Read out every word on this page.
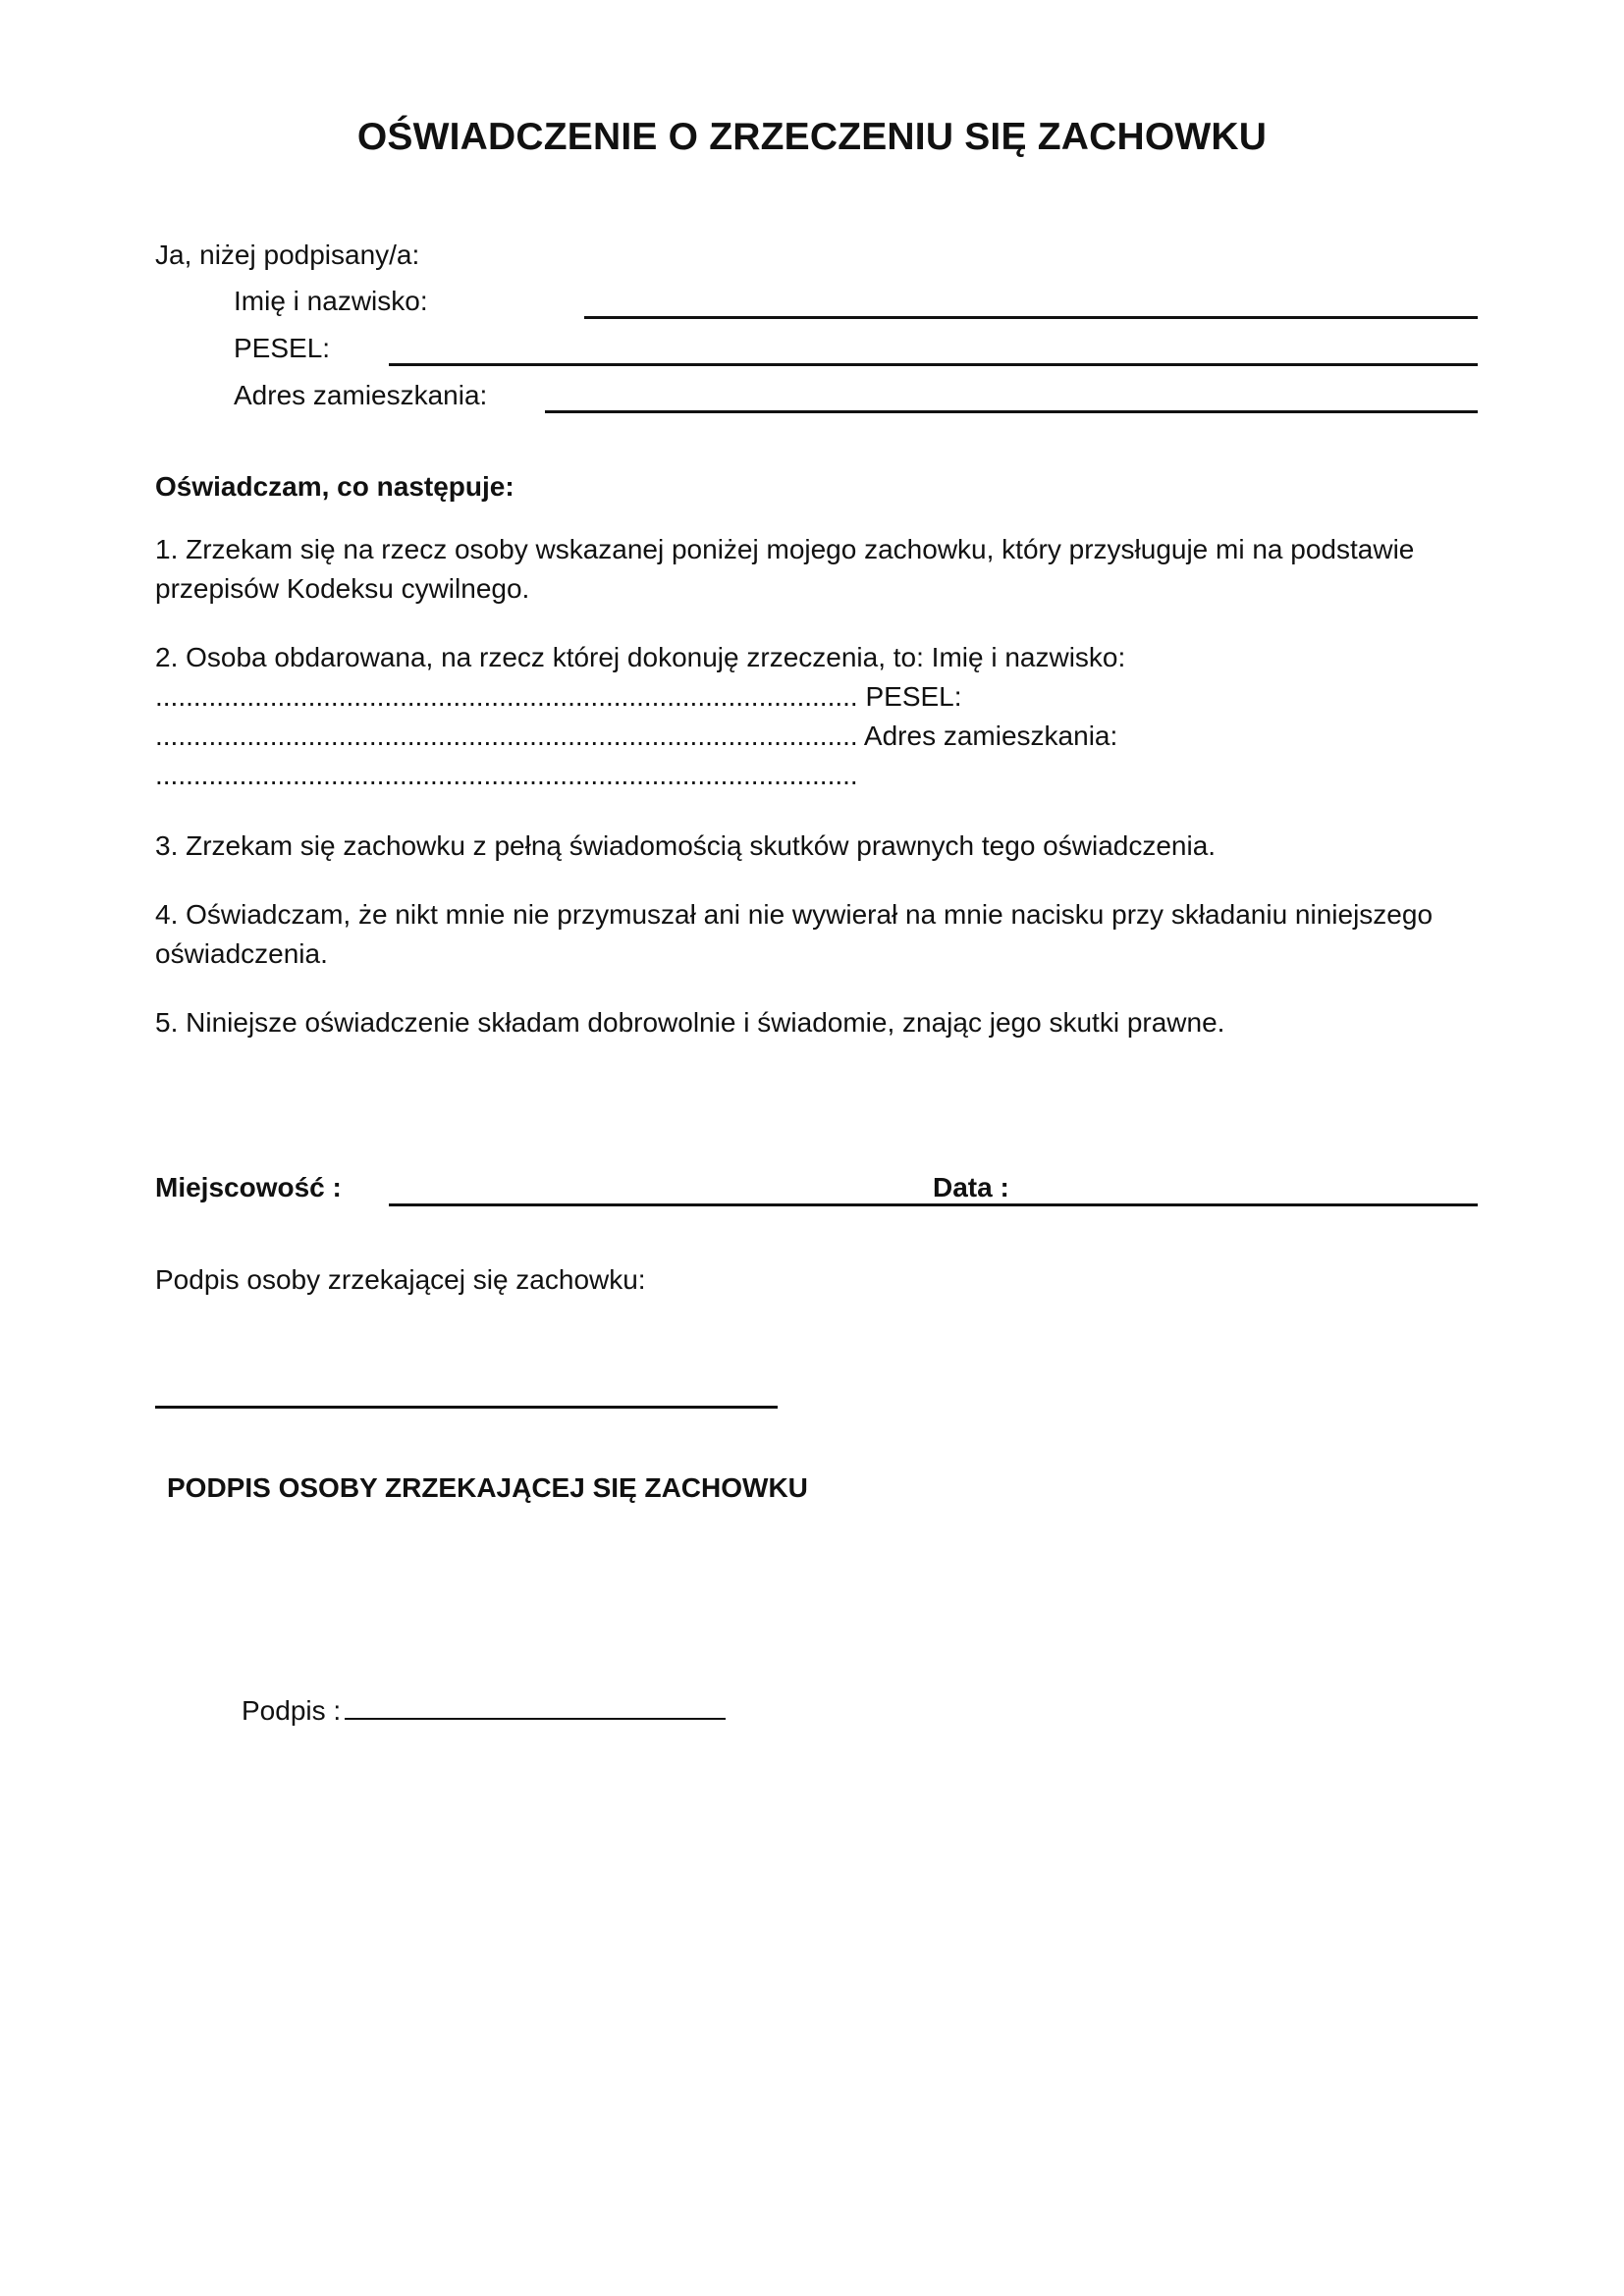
OŚWIADCZENIE O ZRZECZENIU SIĘ ZACHOWKU
Ja, niżej podpisany/a:
Imię i nazwisko:
PESEL:
Adres zamieszkania:
Oświadczam, co następuje:
1. Zrzekam się na rzecz osoby wskazanej poniżej mojego zachowku, który przysługuje mi na podstawie przepisów Kodeksu cywilnego.
2. Osoba obdarowana, na rzecz której dokonuję zrzeczenia, to: Imię i nazwisko:
............................................................................................ PESEL:
............................................................................................ Adres zamieszkania:
............................................................................................
3. Zrzekam się zachowku z pełną świadomością skutków prawnych tego oświadczenia.
4. Oświadczam, że nikt mnie nie przymuszał ani nie wywierał na mnie nacisku przy składaniu niniejszego oświadczenia.
5. Niniejsze oświadczenie składam dobrowolnie i świadomie, znając jego skutki prawne.
Miejscowość :	Data :
Podpis osoby zrzekającej się zachowku:
PODPIS OSOBY ZRZEKAJĄCEJ SIĘ ZACHOWKU
Podpis :
